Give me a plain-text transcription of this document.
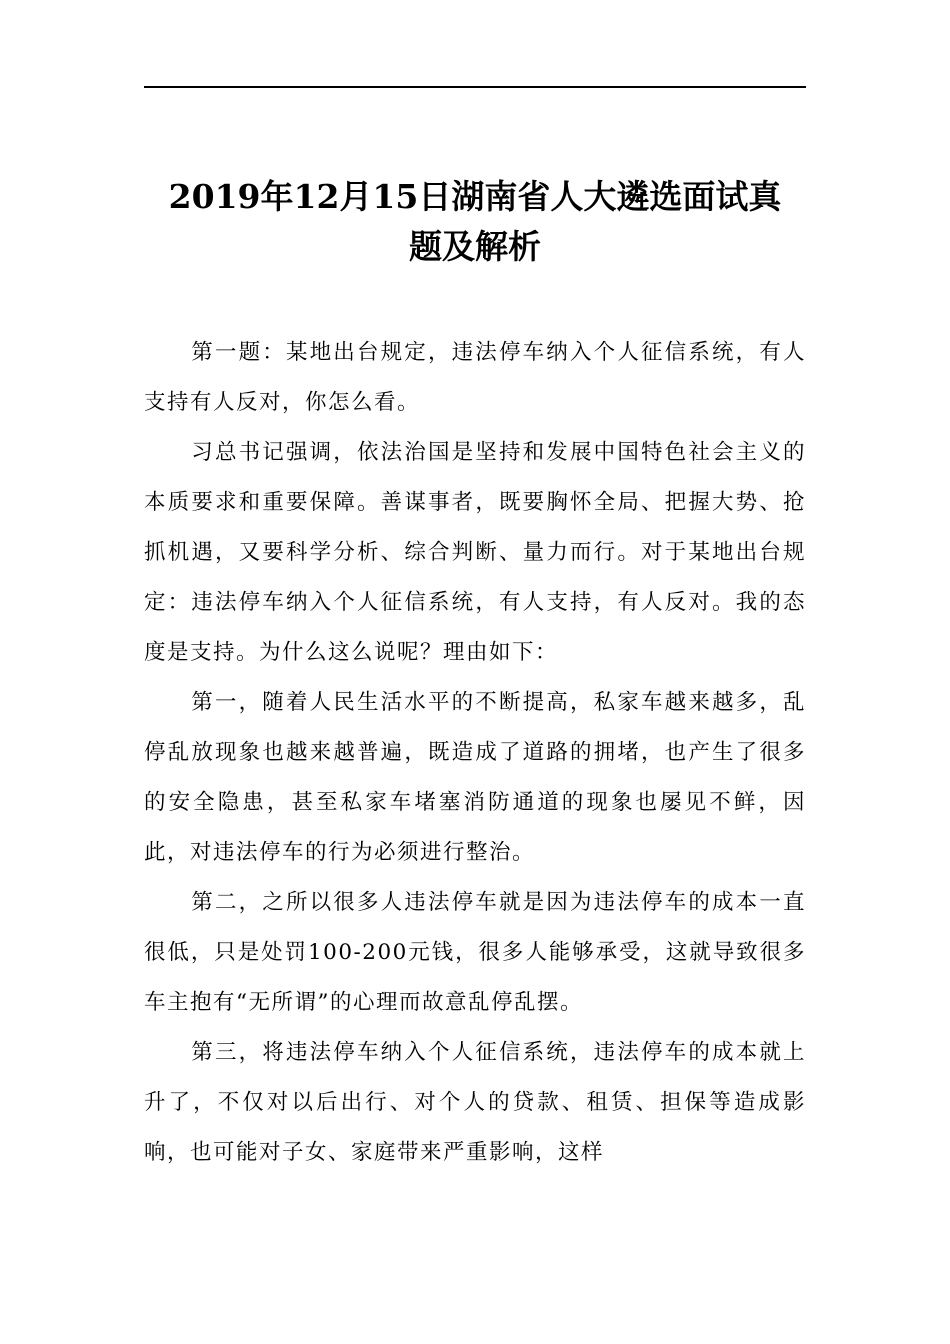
2019年12月15日湖南省人大遴选面试真
题及解析

第一题：某地出台规定，违法停车纳入个人征信系统，有人支持有人反对，你怎么看。

习总书记强调，依法治国是坚持和发展中国特色社会主义的本质要求和重要保障。善谋事者，既要胸怀全局、把握大势、抢抓机遇，又要科学分析、综合判断、量力而行。对于某地出台规定：违法停车纳入个人征信系统，有人支持，有人反对。我的态度是支持。为什么这么说呢？理由如下：

第一，随着人民生活水平的不断提高，私家车越来越多，乱停乱放现象也越来越普遍，既造成了道路的拥堵，也产生了很多的安全隐患，甚至私家车堵塞消防通道的现象也屡见不鲜，因此，对违法停车的行为必须进行整治。

第二，之所以很多人违法停车就是因为违法停车的成本一直很低，只是处罚100-200元钱，很多人能够承受，这就导致很多车主抱有“无所谓”的心理而故意乱停乱摆。

第三，将违法停车纳入个人征信系统，违法停车的成本就上升了，不仅对以后出行、对个人的贷款、租赁、担保等造成影响，也可能对子女、家庭带来严重影响，这样
